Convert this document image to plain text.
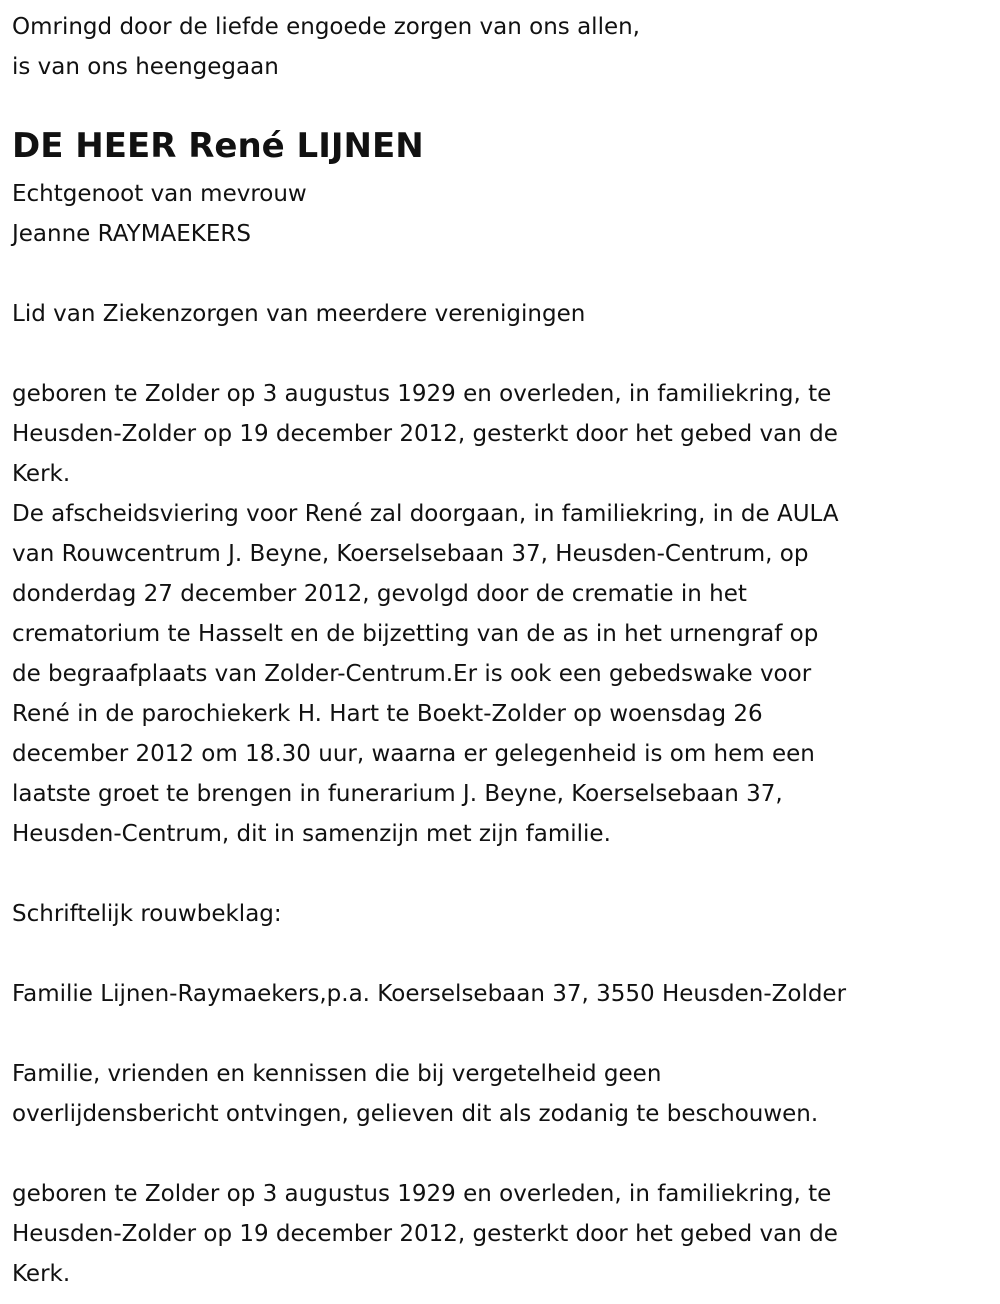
Omringd door de liefde engoede zorgen van ons allen,
is van ons heengegaan
DE HEER René LIJNEN
Echtgenoot van mevrouw
Jeanne RAYMAEKERS
Lid van Ziekenzorgen van meerdere verenigingen
geboren te Zolder op 3 augustus 1929 en overleden, in familiekring, te
Heusden-Zolder op 19 december 2012, gesterkt door het gebed van de
Kerk.
De afscheidsviering voor René zal doorgaan, in familiekring, in de AULA
van Rouwcentrum J. Beyne, Koerselsebaan 37, Heusden-Centrum, op
donderdag 27 december 2012, gevolgd door de crematie in het
crematorium te Hasselt en de bijzetting van de as in het urnengraf op
de begraafplaats van Zolder-Centrum.Er is ook een gebedswake voor
René in de parochiekerk H. Hart te Boekt-Zolder op woensdag 26
december 2012 om 18.30 uur, waarna er gelegenheid is om hem een
laatste groet te brengen in funerarium J. Beyne, Koerselsebaan 37,
Heusden-Centrum, dit in samenzijn met zijn familie.
Schriftelijk rouwbeklag:
Familie Lijnen-Raymaekers,p.a. Koerselsebaan 37, 3550 Heusden-Zolder
Familie, vrienden en kennissen die bij vergetelheid geen
overlijdensbericht ontvingen, gelieven dit als zodanig te beschouwen.
geboren te Zolder op 3 augustus 1929 en overleden, in familiekring, te
Heusden-Zolder op 19 december 2012, gesterkt door het gebed van de
Kerk.
